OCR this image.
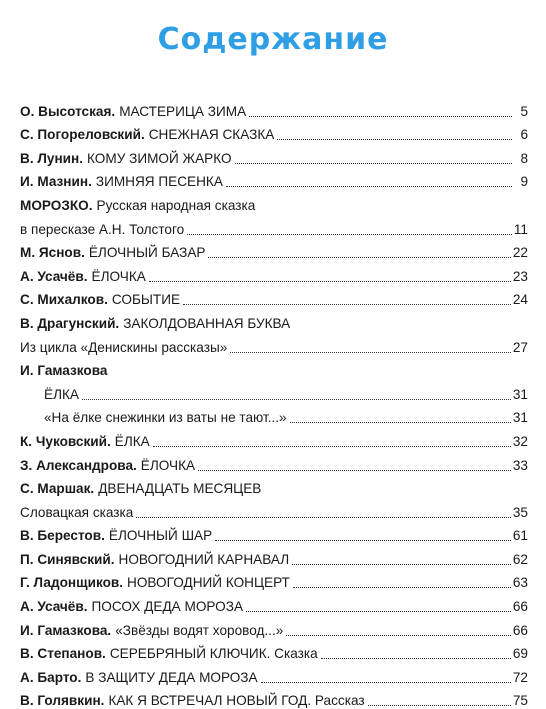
Содержание
О. Высотская. МАСТЕРИЦА ЗИМА	5
С. Погореловский. СНЕЖНАЯ СКАЗКА	6
В. Лунин. КОМУ ЗИМОЙ ЖАРКО	8
И. Мазнин. ЗИМНЯЯ ПЕСЕНКА	9
МОРОЗКО. Русская народная сказка
в пересказе А.Н. Толстого	11
М. Яснов. ЁЛОЧНЫЙ БАЗАР	22
А. Усачёв. ЁЛОЧКА	23
С. Михалков. СОБЫТИЕ	24
В. Драгунский. ЗАКОЛДОВАННАЯ БУКВА
Из цикла «Денискины рассказы»	27
И. Гамазкова
ЁЛКА	31
«На ёлке снежинки из ваты не тают...»	31
К. Чуковский. ЁЛКА	32
З. Александрова. ЁЛОЧКА	33
С. Маршак. ДВЕНАДЦАТЬ МЕСЯЦЕВ
Словацкая сказка	35
В. Берестов. ЁЛОЧНЫЙ ШАР	61
П. Синявский. НОВОГОДНИЙ КАРНАВАЛ	62
Г. Ладонщиков. НОВОГОДНИЙ КОНЦЕРТ	63
А. Усачёв. ПОСОХ ДЕДА МОРОЗА	66
И. Гамазкова. «Звёзды водят хоровод...»	66
В. Степанов. СЕРЕБРЯНЫЙ КЛЮЧИК. Сказка	69
А. Барто. В ЗАЩИТУ ДЕДА МОРОЗА	72
В. Голявкин. КАК Я ВСТРЕЧАЛ НОВЫЙ ГОД. Рассказ	75
